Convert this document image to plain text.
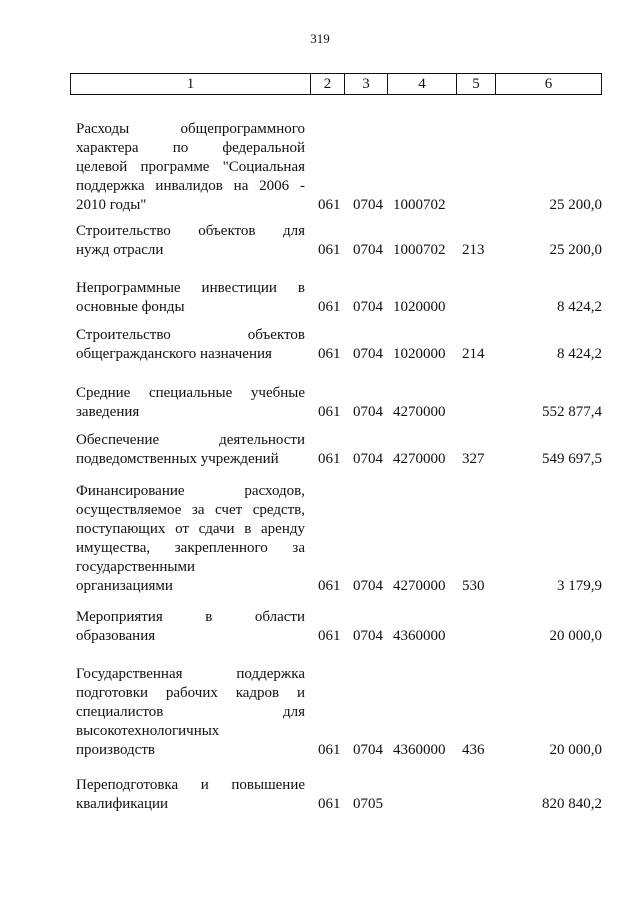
319
1	2	3	4	5	6
Расходы общепрограммного
характера по федеральной
целевой программе "Социальная
поддержка инвалидов на 2006 -
2010 годы"	061 0704 1000702	25 200,0
Строительство объектов для
нужд отрасли	061 0704 1000702 213	25 200,0
Непрограммные инвестиции в
основные фонды	061 0704 1020000	8 424,2
Строительство объектов
общегражданского назначения	061 0704 1020000 214	8 424,2
Средние специальные учебные
заведения	061 0704 4270000	552 877,4
Обеспечение деятельности
подведомственных учреждений	061 0704 4270000 327	549 697,5
Финансирование расходов,
осуществляемое за счет средств,
поступающих от сдачи в аренду
имущества, закрепленного за
государственными
организациями	061 0704 4270000 530	3 179,9
Мероприятия в области
образования	061 0704 4360000	20 000,0
Государственная поддержка
подготовки рабочих кадров и
специалистов для
высокотехнологичных
производств	061 0704 4360000 436	20 000,0
Переподготовка и повышение
квалификации	061 0705	820 840,2
